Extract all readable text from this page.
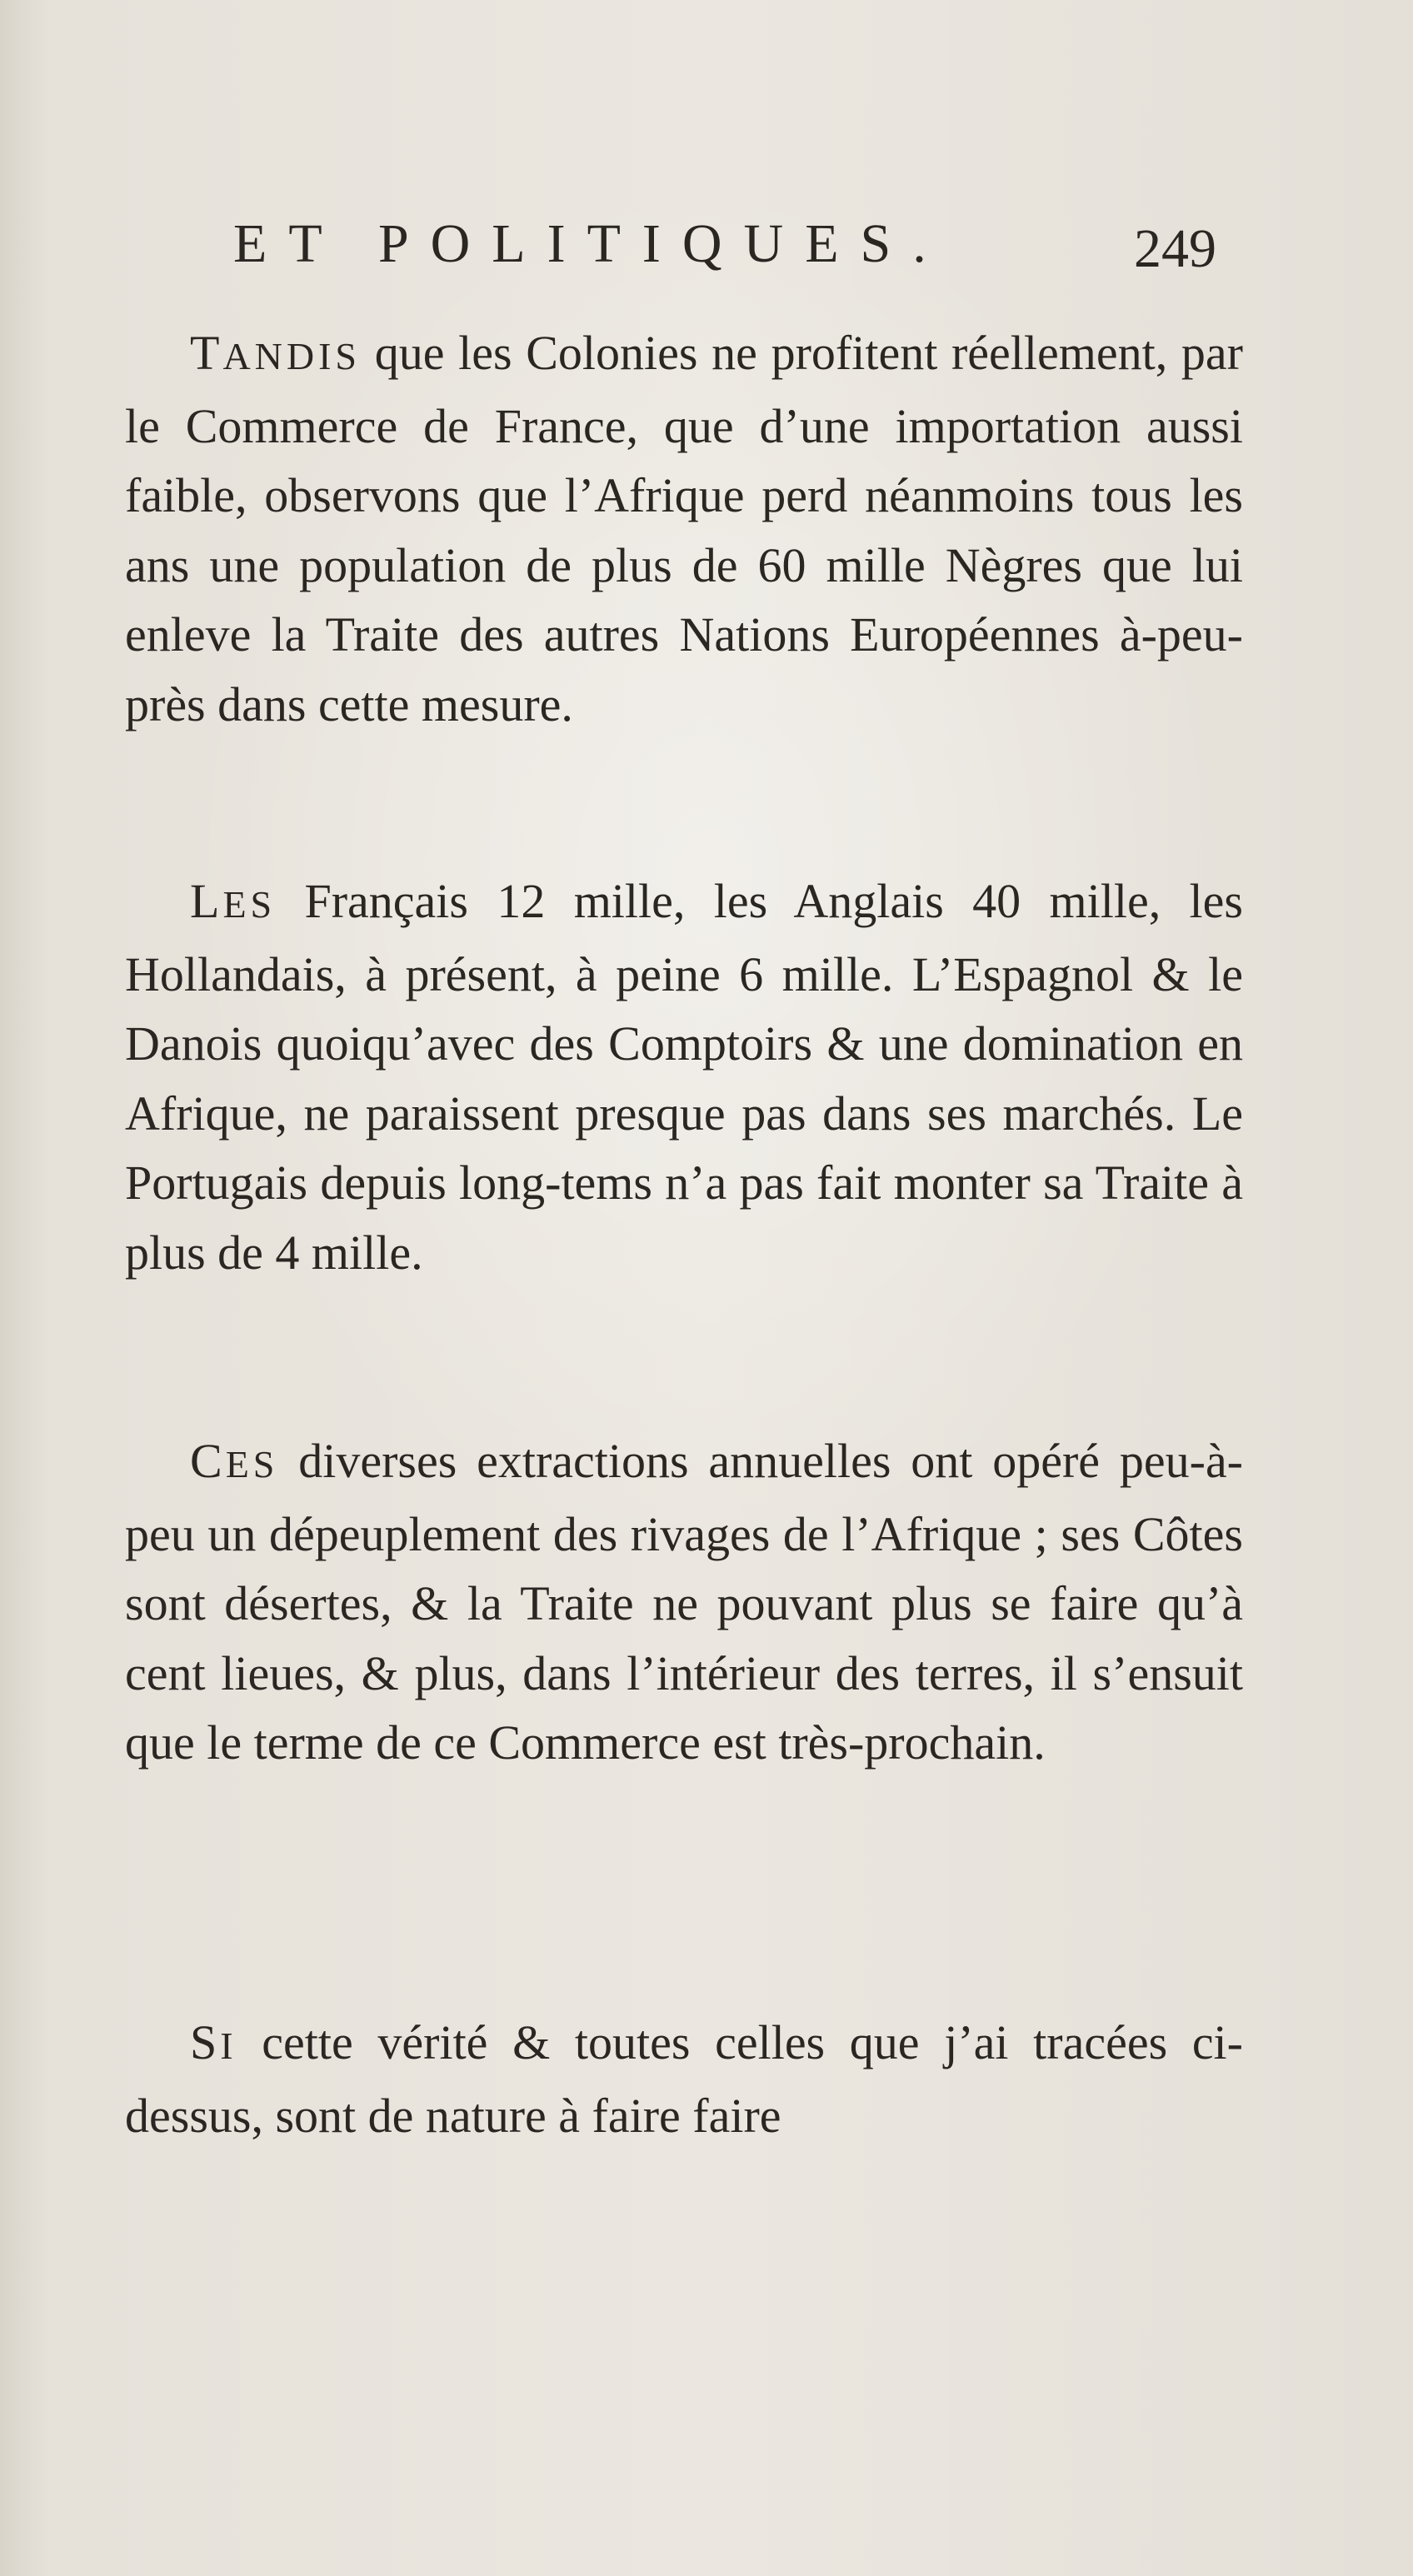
ET POLITIQUES.	249

TANDIS que les Colonies ne profitent réellement, par le Commerce de France, que d’une importation aussi faible, observons que l’Afrique perd néanmoins tous les ans une population de plus de 60 mille Nègres que lui enleve la Traite des autres Nations Européennes à-peu-près dans cette mesure.

LES Français 12 mille, les Anglais 40 mille, les Hollandais, à présent, à peine 6 mille. L’Espagnol & le Danois quoiqu’avec des Comptoirs & une domination en Afrique, ne paraissent presque pas dans ses marchés. Le Portugais depuis long-tems n’a pas fait monter sa Traite à plus de 4 mille.

CES diverses extractions annuelles ont opéré peu-à-peu un dépeuplement des rivages de l’Afrique ; ses Côtes sont désertes, & la Traite ne pouvant plus se faire qu’à cent lieues, & plus, dans l’intérieur des terres, il s’ensuit que le terme de ce Commerce est très-prochain.

SI cette vérité & toutes celles que j’ai tracées ci-dessus, sont de nature à faire faire
